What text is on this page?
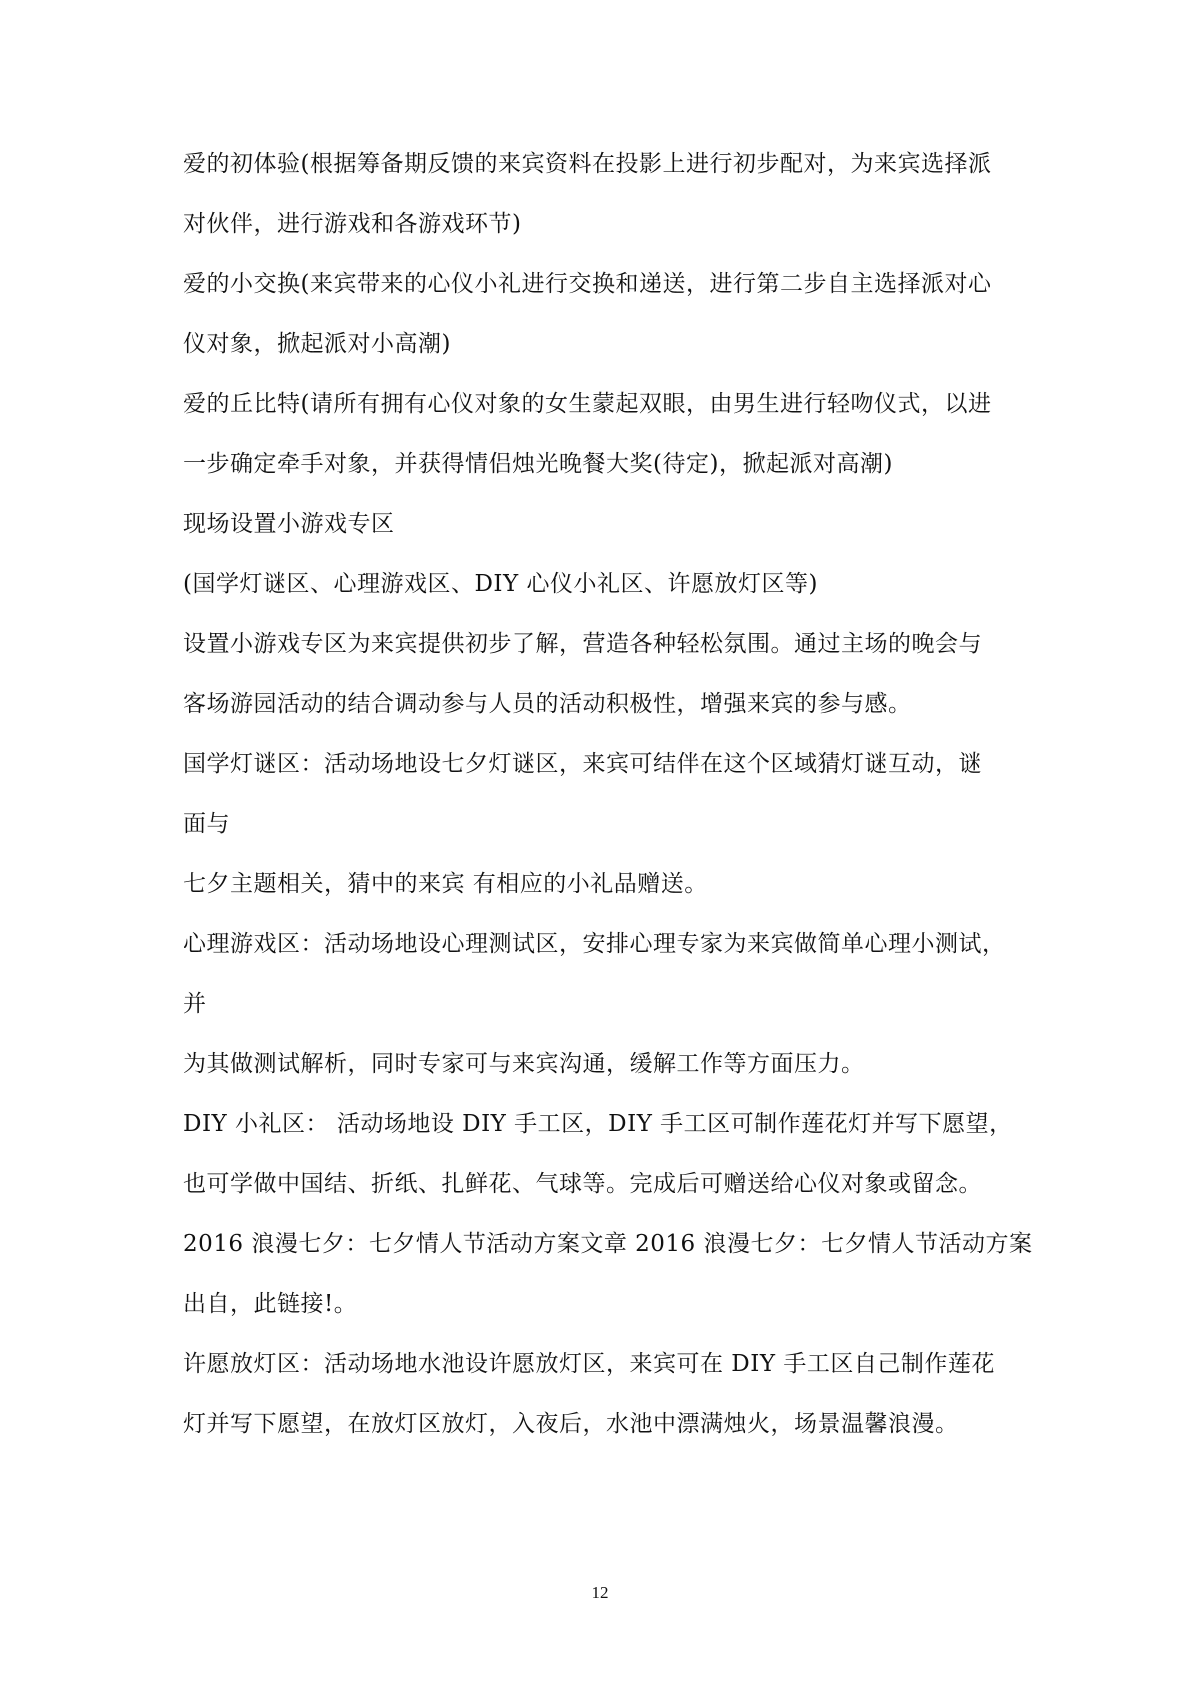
爱的初体验(根据筹备期反馈的来宾资料在投影上进行初步配对，为来宾选择派
对伙伴，进行游戏和各游戏环节)
爱的小交换(来宾带来的心仪小礼进行交换和递送，进行第二步自主选择派对心
仪对象，掀起派对小高潮)
爱的丘比特(请所有拥有心仪对象的女生蒙起双眼，由男生进行轻吻仪式，以进
一步确定牵手对象，并获得情侣烛光晚餐大奖(待定)，掀起派对高潮)
现场设置小游戏专区
(国学灯谜区、心理游戏区、DIY 心仪小礼区、许愿放灯区等)
设置小游戏专区为来宾提供初步了解，营造各种轻松氛围。通过主场的晚会与
客场游园活动的结合调动参与人员的活动积极性，增强来宾的参与感。
国学灯谜区：活动场地设七夕灯谜区，来宾可结伴在这个区域猜灯谜互动，谜
面与
七夕主题相关，猜中的来宾 有相应的小礼品赠送。
心理游戏区：活动场地设心理测试区，安排心理专家为来宾做简单心理小测试，
并
为其做测试解析，同时专家可与来宾沟通，缓解工作等方面压力。
DIY 小礼区： 活动场地设 DIY 手工区，DIY 手工区可制作莲花灯并写下愿望，
也可学做中国结、折纸、扎鲜花、气球等。完成后可赠送给心仪对象或留念。
2016 浪漫七夕：七夕情人节活动方案文章 2016 浪漫七夕：七夕情人节活动方案
出自，此链接!。
许愿放灯区：活动场地水池设许愿放灯区，来宾可在 DIY 手工区自己制作莲花
灯并写下愿望，在放灯区放灯，入夜后，水池中漂满烛火，场景温馨浪漫。
12
